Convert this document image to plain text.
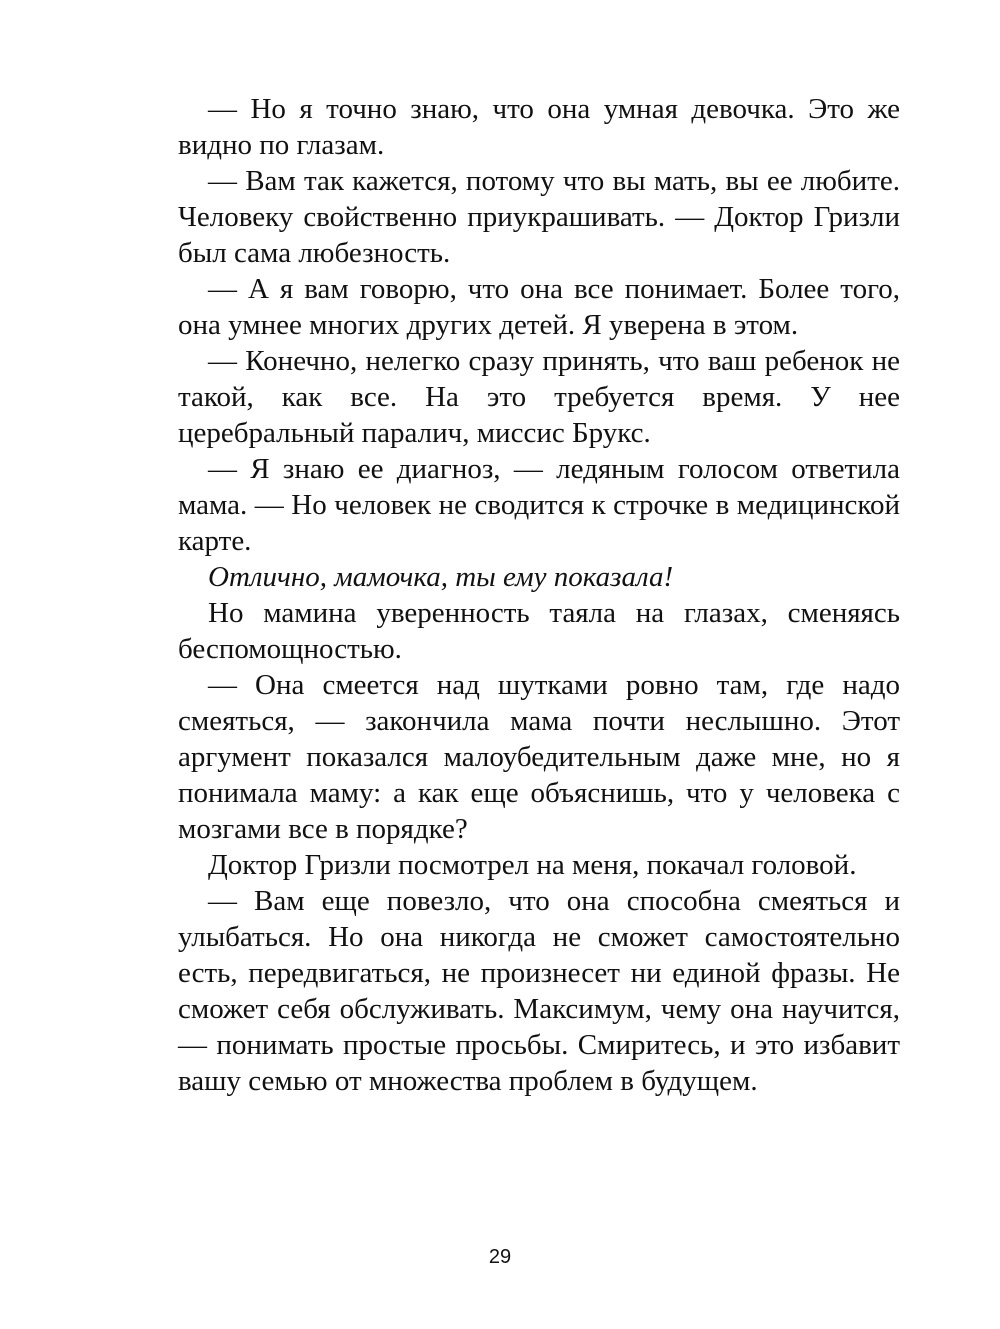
— Но я точно знаю, что она умная девочка. Это же видно по глазам.

— Вам так кажется, потому что вы мать, вы ее любите. Человеку свойственно приукрашивать. — Доктор Гризли был сама любезность.

— А я вам говорю, что она все понимает. Более того, она умнее многих других детей. Я уверена в этом.

— Конечно, нелегко сразу принять, что ваш ребенок не такой, как все. На это требуется время. У нее церебральный паралич, миссис Брукс.

— Я знаю ее диагноз, — ледяным голосом ответила мама. — Но человек не сводится к строчке в медицинской карте.

Отлично, мамочка, ты ему показала!

Но мамина уверенность таяла на глазах, сменяясь беспомощностью.

— Она смеется над шутками ровно там, где надо смеяться, — закончила мама почти неслышно. Этот аргумент показался малоубедительным даже мне, но я понимала маму: а как еще объяснишь, что у человека с мозгами все в порядке?

Доктор Гризли посмотрел на меня, покачал головой.

— Вам еще повезло, что она способна смеяться и улыбаться. Но она никогда не сможет самостоятельно есть, передвигаться, не произнесет ни единой фразы. Не сможет себя обслуживать. Максимум, чему она научится, — понимать простые просьбы. Смиритесь, и это избавит вашу семью от множества проблем в будущем.

29
